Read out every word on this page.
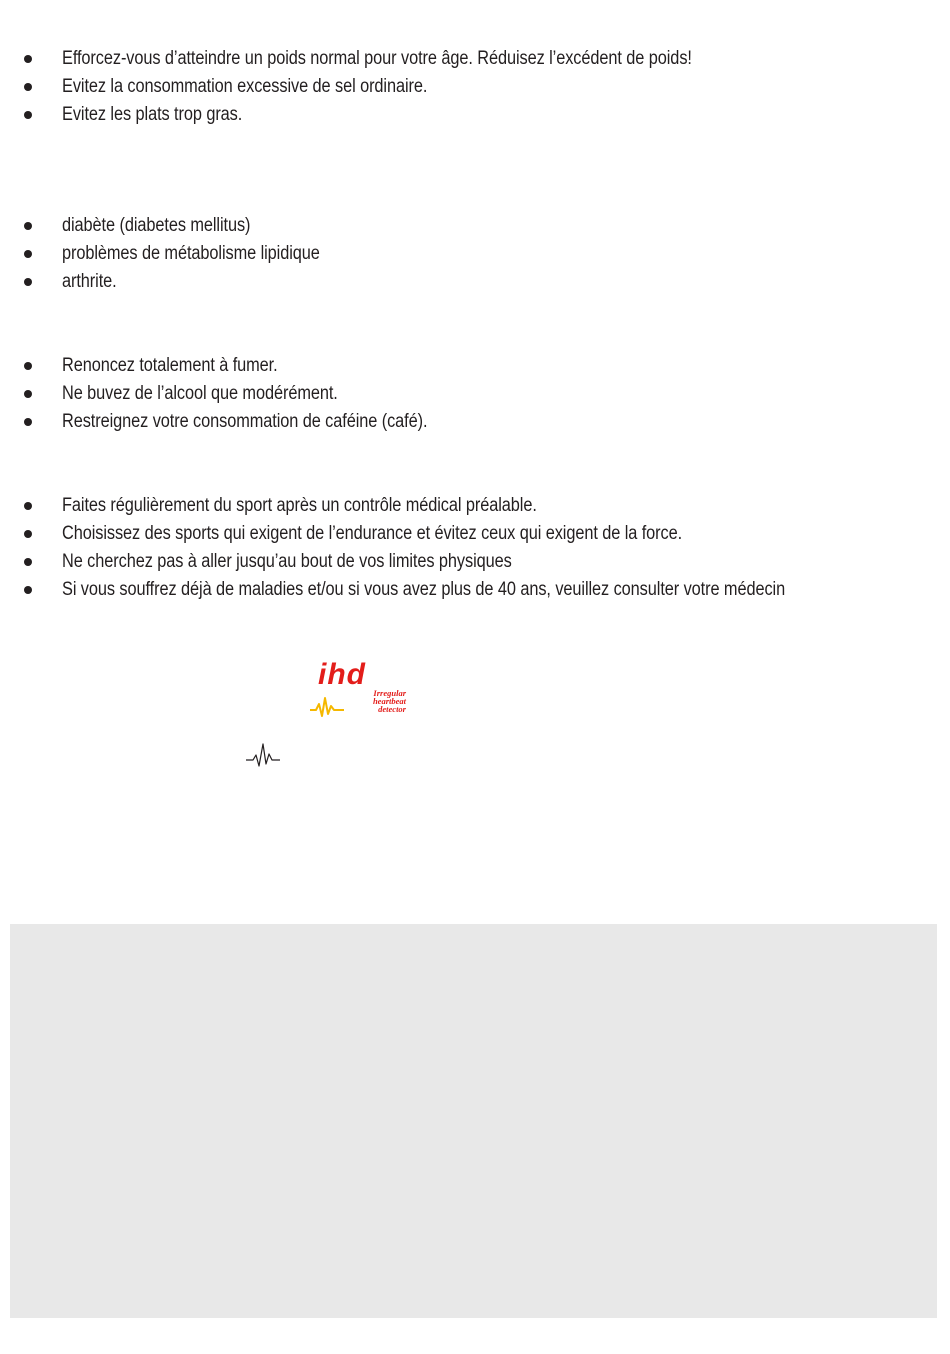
Efforcez-vous d’atteindre un poids normal pour votre âge. Réduisez l’excédent de poids!
Evitez la consommation excessive de sel ordinaire.
Evitez les plats trop gras.
diabète (diabetes mellitus)
problèmes de métabolisme lipidique
arthrite.
Renoncez totalement à fumer.
Ne buvez de l’alcool que modérément.
Restreignez votre consommation de caféine (café).
Faites régulièrement du sport après un contrôle médical préalable.
Choisissez des sports qui exigent de l’endurance et évitez ceux qui exigent de la force.
Ne cherchez pas à aller jusqu’au bout de vos limites physiques
Si vous souffrez déjà de maladies et/ou si vous avez plus de 40 ans, veuillez consulter votre médecin
ihd
Irregular
heartbeat
detector
